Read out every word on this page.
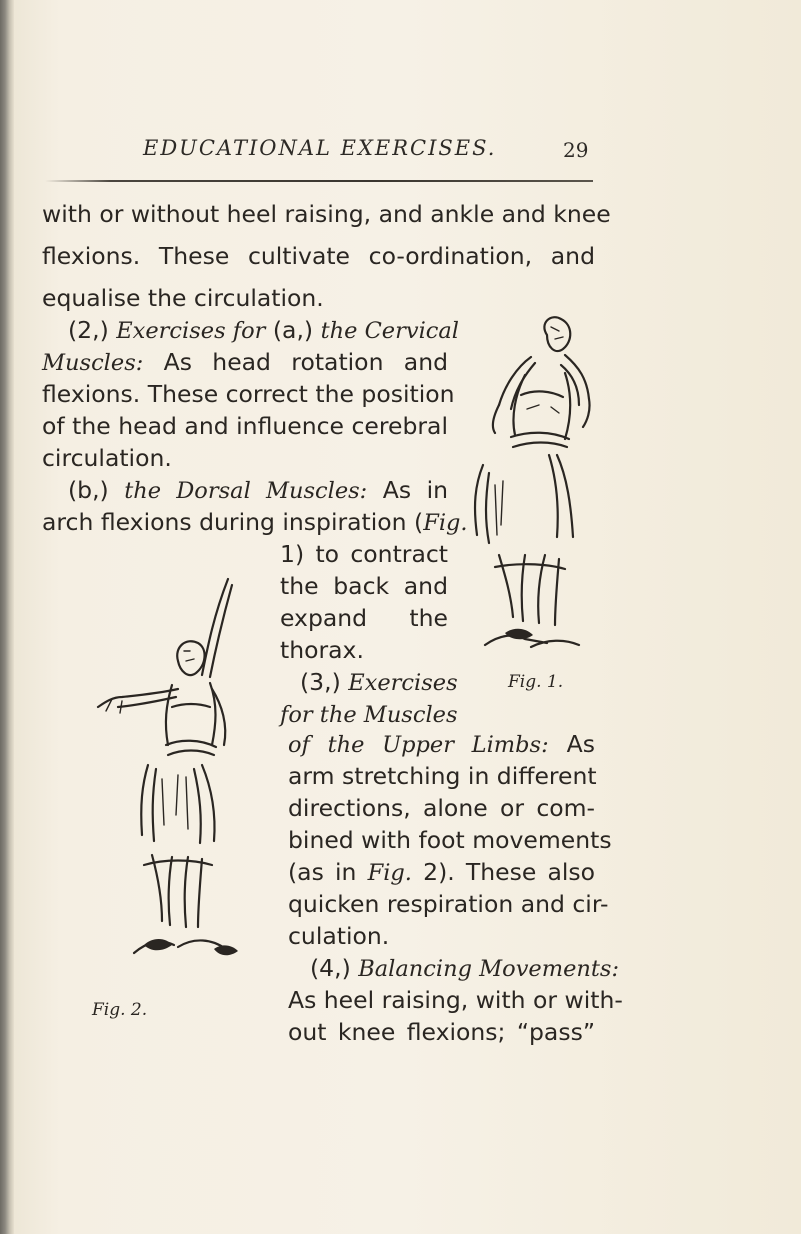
EDUCATIONAL EXERCISES.	29
with or without heel raising, and ankle and knee
flexions. These cultivate co-ordination, and
equalise the circulation.
(2,) Exercises for (a,) the Cervical
Muscles: As head rotation and
flexions. These correct the position
of the head and influence cerebral
circulation.
(b,) the Dorsal Muscles: As in
arch flexions during inspiration (Fig.
1) to contract
the back and
expand the
thorax.
(3,) Exercises
for the Muscles
of the Upper Limbs: As
arm stretching in different
directions, alone or com-
bined with foot movements
(as in Fig. 2). These also
quicken respiration and cir-
culation.
(4,) Balancing Movements:
As heel raising, with or with-
out knee flexions; “pass”
Fig. 1.
Fig. 2.
